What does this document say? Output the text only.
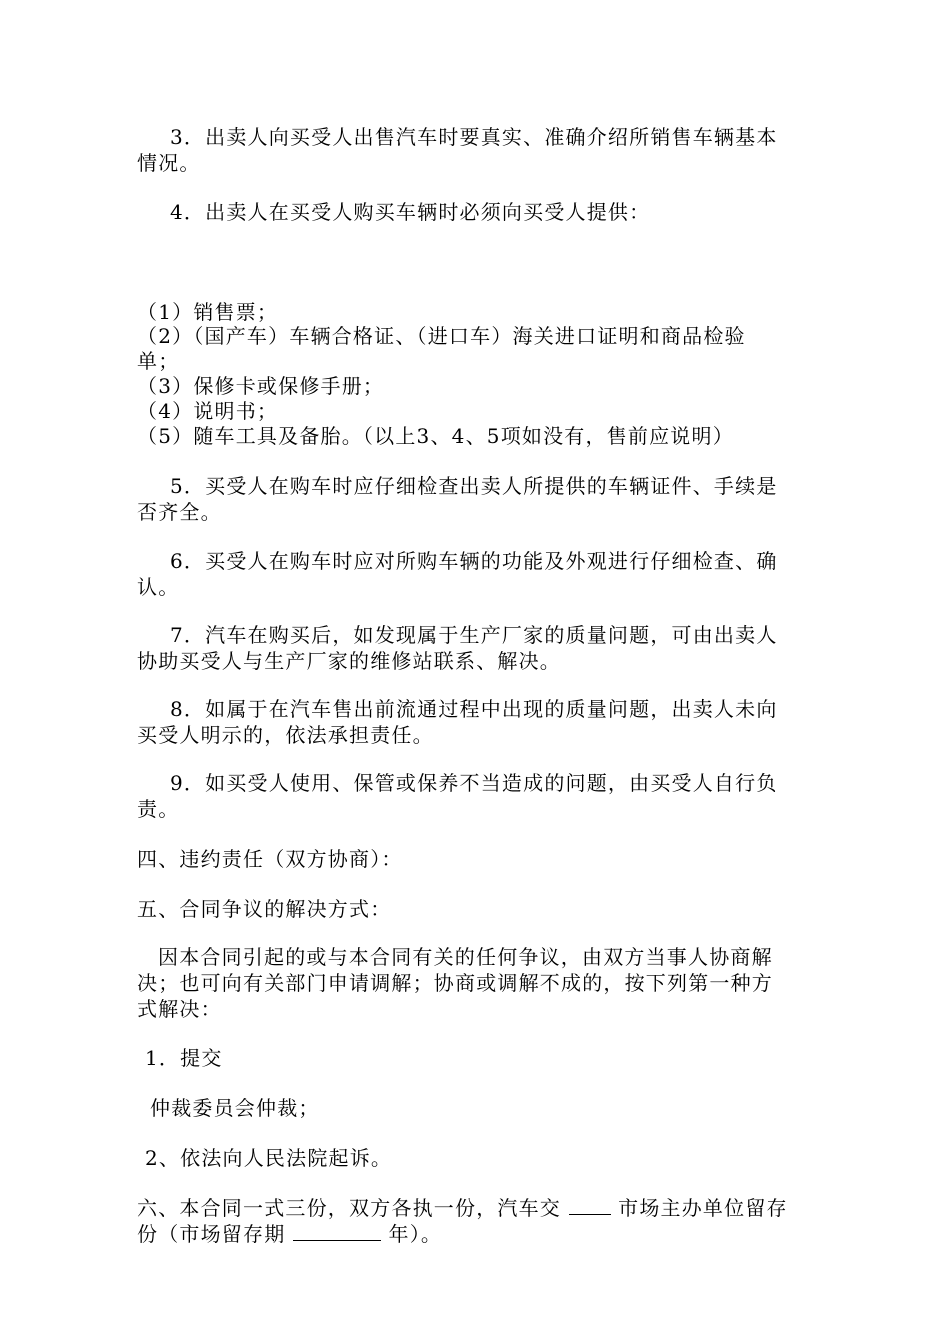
3．出卖人向买受人出售汽车时要真实、准确介绍所销售车辆基本
情况。
4．出卖人在买受人购买车辆时必须向买受人提供：
（1）销售票；
（2）（国产车）车辆合格证、（进口车）海关进口证明和商品检验
单；
（3）保修卡或保修手册；
（4）说明书；
（5）随车工具及备胎。（以上3、4、5项如没有，售前应说明）
5．买受人在购车时应仔细检查出卖人所提供的车辆证件、手续是
否齐全。
6．买受人在购车时应对所购车辆的功能及外观进行仔细检查、确
认。
7．汽车在购买后，如发现属于生产厂家的质量问题，可由出卖人
协助买受人与生产厂家的维修站联系、解决。
8．如属于在汽车售出前流通过程中出现的质量问题，出卖人未向
买受人明示的，依法承担责任。
9．如买受人使用、保管或保养不当造成的问题，由买受人自行负
责。
四、违约责任（双方协商）：
五、合同争议的解决方式：
因本合同引起的或与本合同有关的任何争议，由双方当事人协商解
决；也可向有关部门申请调解；协商或调解不成的，按下列第一种方
式解决：
1．提交
仲裁委员会仲裁；
2、依法向人民法院起诉。
六、本合同一式三份，双方各执一份，汽车交	市场主办单位留存
份（市场留存期	年）。
